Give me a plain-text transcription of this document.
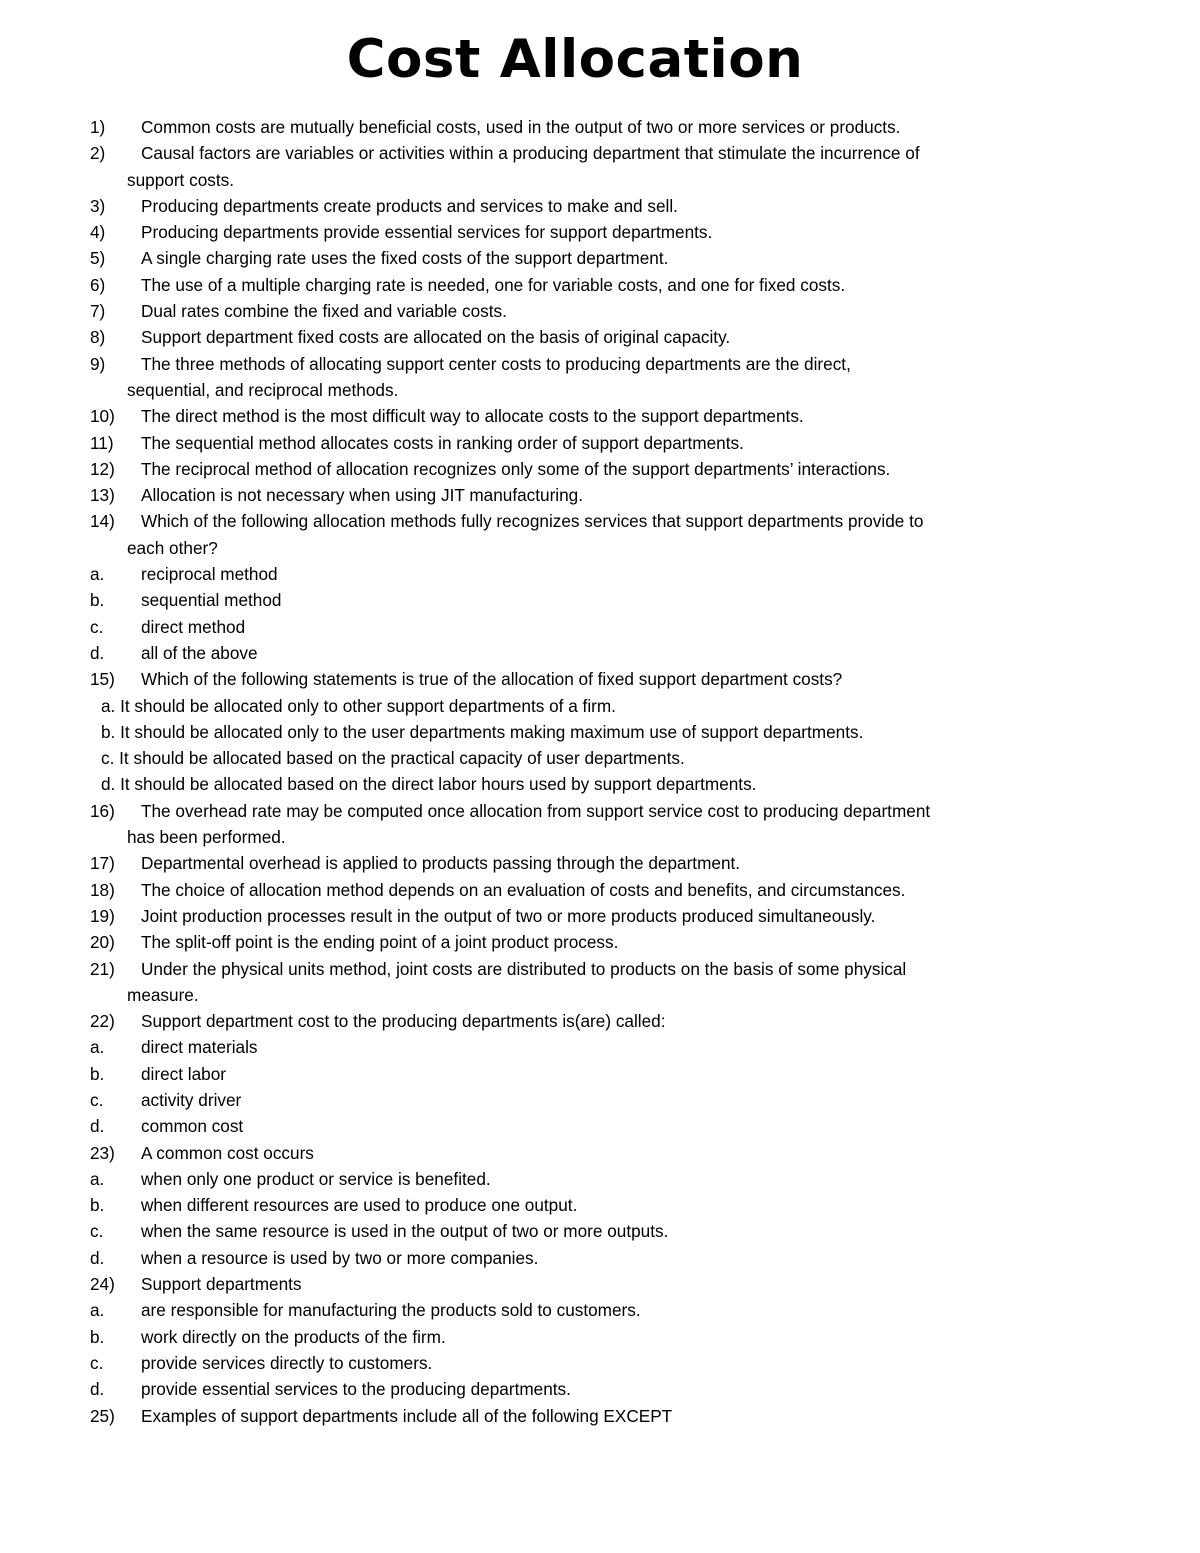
Cost Allocation
1)	Common costs are mutually beneficial costs, used in the output of two or more services or products.
2)	Causal factors are variables or activities within a producing department that stimulate the incurrence of
support costs.
3)	Producing departments create products and services to make and sell.
4)	Producing departments provide essential services for support departments.
5)	A single charging rate uses the fixed costs of the support department.
6)	The use of a multiple charging rate is needed, one for variable costs, and one for fixed costs.
7)	Dual rates combine the fixed and variable costs.
8)	Support department fixed costs are allocated on the basis of original capacity.
9)	The three methods of allocating support center costs to producing departments are the direct,
sequential, and reciprocal methods.
10)	The direct method is the most difficult way to allocate costs to the support departments.
11)	The sequential method allocates costs in ranking order of support departments.
12)	The reciprocal method of allocation recognizes only some of the support departments’ interactions.
13)	Allocation is not necessary when using JIT manufacturing.
14)	Which of the following allocation methods fully recognizes services that support departments provide to
each other?
a.	reciprocal method
b.	sequential method
c.	direct method
d.	all of the above
15)	Which of the following statements is true of the allocation of fixed support department costs?
a. It should be allocated only to other support departments of a firm.
b. It should be allocated only to the user departments making maximum use of support departments.
c. It should be allocated based on the practical capacity of user departments.
d. It should be allocated based on the direct labor hours used by support departments.
16)	The overhead rate may be computed once allocation from support service cost to producing department
has been performed.
17)	Departmental overhead is applied to products passing through the department.
18)	The choice of allocation method depends on an evaluation of costs and benefits, and circumstances.
19)	Joint production processes result in the output of two or more products produced simultaneously.
20)	The split-off point is the ending point of a joint product process.
21)	Under the physical units method, joint costs are distributed to products on the basis of some physical
measure.
22)	Support department cost to the producing departments is(are) called:
a.	direct materials
b.	direct labor
c.	activity driver
d.	common cost
23)	A common cost occurs
a.	when only one product or service is benefited.
b.	when different resources are used to produce one output.
c.	when the same resource is used in the output of two or more outputs.
d.	when a resource is used by two or more companies.
24)	Support departments
a.	are responsible for manufacturing the products sold to customers.
b.	work directly on the products of the firm.
c.	provide services directly to customers.
d.	provide essential services to the producing departments.
25)	Examples of support departments include all of the following EXCEPT
